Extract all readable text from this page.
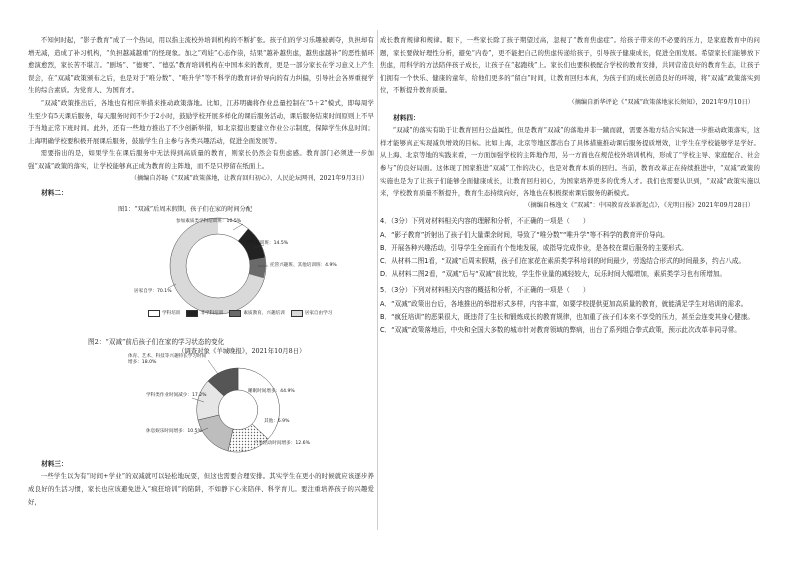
不知何时起，“影子教育”成了一个热词，用以指主流校外培训机构的不断扩张。孩子们的学习乐趣被剥夺，负担却有增无减，造成了补习机构，“负担越减越重”的怪现象。加之“鸡娃”心态作祟，结果“越补越焦虑，越焦虑越补”的恶性循环愈演愈烈，家长苦不堪言。“剧场”、“德赛”、“德弘”教育培训机构在中国本来的教育，更是一部分家长在学习意义上产生误会，在“双减”政策颁布之后，也是对于“唯分数”、“唯升学”等不科学的教育评价导向的有力纠偏，引导社会各界重视学生的综合素质。为党育人、为国育才。

“双减”政策推出后，各地也有相应举措来推动政策落地。比如，江苏明确将作业总量控制在“5＋2”模式，即每周学生至少有5天课后服务，每天服务时间不少于2小时，鼓励学校开展多样化的课后服务活动，课后服务结束时间原则上不早于当地正常下班时间。此外，还有一些地方推出了不少创新举措，如北京提出要建立作业公示制度，保障学生休息时间；上海明确学校要积极开展课后服务，鼓励学生自主参与各类兴趣活动，促进全面发展等。

需要指出的是，如果学生在课后服务中无法得到高质量的教育，则家长仍然会有焦虑感。教育部门必须进一步加强“双减”政策的落实，让学校能够真正成为教育的主阵地，而不是只停留在纸面上。

（摘编自苏旸《“双减”政策落地，让教育回归初心》，人民论坛网刊，2021年9月3日）

材料二：

图1：“双减”后周末假期，孩子们在家的时间分配
参加素质类学科培训班：10.5%
学科培训班：14.5%
托管兴趣班、其他培训班：4.9%
居家自学：70.1%
学科培训	非学科培训	素质教育、兴趣培训	居家自由学习
图2：“双减”前后孩子们在家的学习状态的变化
（调查对象《羊城晚报》，2021年10月8日）
体育、艺术、科技等兴趣特长学习时间增多：18.0%
学科类作业时间减少：17.2%
休息娱乐时间增多：10.5%
户外活动时间增多：12.6%
睡眠时间增多：44.9%
其他：6.9%

材料三：

一些学生以为有“时间+学业”的双减就可以轻松地玩耍，但这也需要合理安排。其实学生在更小的时候就应该逐步养成良好的生活习惯，家长也应该避免进入“疯狂培训”的陷阱，不如静下心来陪伴、科学育儿。要注重培养孩子的兴趣爱好，

成长教育规律和规律。眼下，一些家长除了孩子期望过高，忽视了“教育焦虑症”。给孩子带来的不必要的压力，是家庭教育中的问题，家长要做好理性分析，避免“内卷”，更不能把自己的焦虑传递给孩子，引导孩子健康成长，促进全面发展。希望家长们能够放下焦虑，用科学的方法陪伴孩子成长，让孩子在“起跑线”上。家长们也要积极配合学校的教育安排，共同营造良好的教育生态，让孩子们拥有一个快乐、健康的童年，给他们更多的“留白”时间，让教育回归本真，为孩子们的成长创造良好的环境，将“双减”政策落实到位，不断提升教育质量。

（摘编自新华评论《“双减”政策落地家长须知》，2021年9月10日）

材料四：

“双减”的落实有助于让教育回归公益属性，但是教育“双减”的落地并非一蹴而就，需要各地方结合实际进一步推动政策落实，这样才能够真正实现减负增效的目标。比如上海，北京等地区都出台了具体措施推动课后服务提质增效，让学生在学校能够学足学好。从上海、北京等地的实践来看，一方面加强学校的主阵地作用，另一方面也在规范校外培训机构，形成了“学校主导、家庭配合、社会参与”的良好局面。这体现了国家推进“双减”工作的决心，也是对教育本质的回归。当前，教育改革正在持续推进中，“双减”政策的实施也是为了让孩子们能够全面健康成长，让教育回归初心，为国家培养更多的优秀人才。我们也需要认识到，“双减”政策实施以来，学校教育质量不断提升，教育生态持续向好，各地也在积极探索课后服务的新模式。

（摘编自杨逸文《“双减”：中国教育改革新起点》，《光明日报》2021年09月28日）

4．（3分）下列对材料相关内容的理解和分析，不正确的一项是（　　）

A．“影子教育”折射出了孩子们大量课余时间，导致了“唯分数”“唯升学”等不科学的教育评价导向。

B．开展各种兴趣活动，引导学生全面而有个性地发展，或指导完成作业，是各校在课后服务的主要形式。

C．从材料二图1看，“双减”后周末假期，孩子们在家花在素质类学科培训的时间最少，劳逸结合形式的时间最多，约占八成。

D．从材料二图2看，“双减”后与“双减”前比较，学生作业量的减轻较大，玩乐时间大幅增加，素质类学习也有所增加。

5．（3分）下列对材料相关内容的概括和分析，不正确的一项是（　　）

A．“双减”政策出台后，各地推出的举措形式多样，内容丰富，如要学校提供更加高质量的教育，就能满足学生对培训的需求。

B．“疯狂培训”的恶果很大，既违背了生长和锻炼成长的教育规律，也加重了孩子们本来不享受的压力，甚至会连变其身心健康。

C．“双减”政策落地后，中央和全国大多数的城市针对教育领域的弊病，出台了系列组合拳式政策，预示此次改革非同寻常。
